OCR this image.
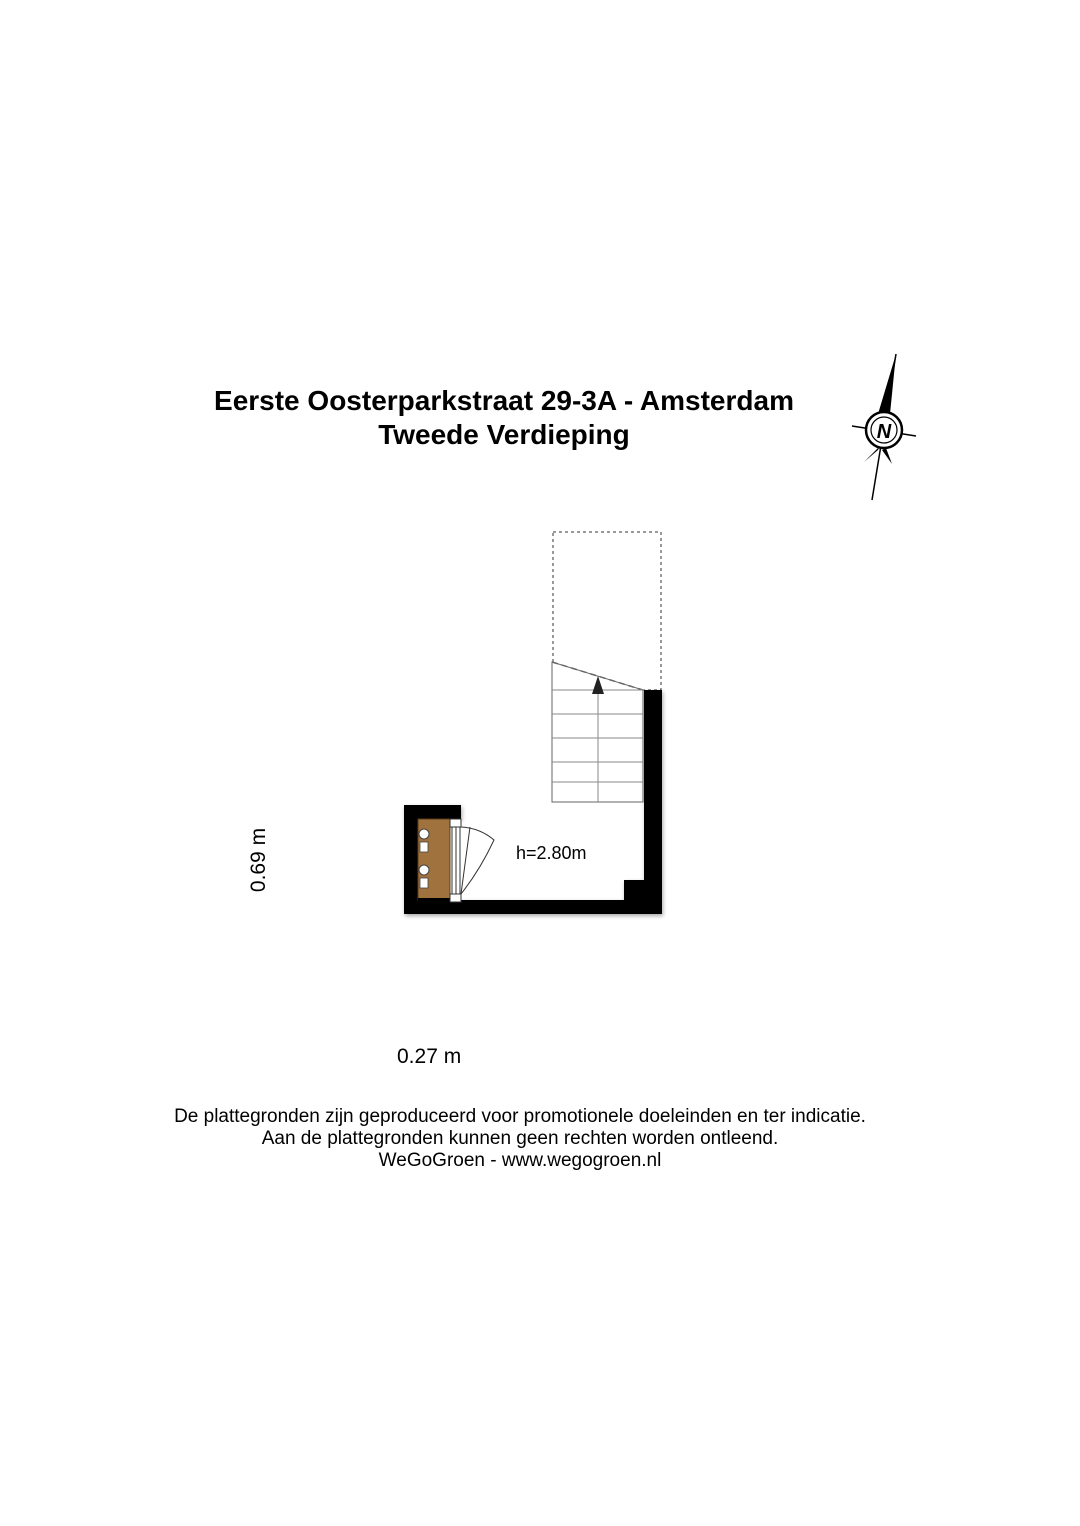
Eerste Oosterparkstraat 29-3A - Amsterdam
Tweede Verdieping	N
h=2.80m
0.27 m
0.69 m
De plattegronden zijn geproduceerd voor promotionele doeleinden en ter indicatie.
Aan de plattegronden kunnen geen rechten worden ontleend.
WeGoGroen - www.wegogroen.nl
